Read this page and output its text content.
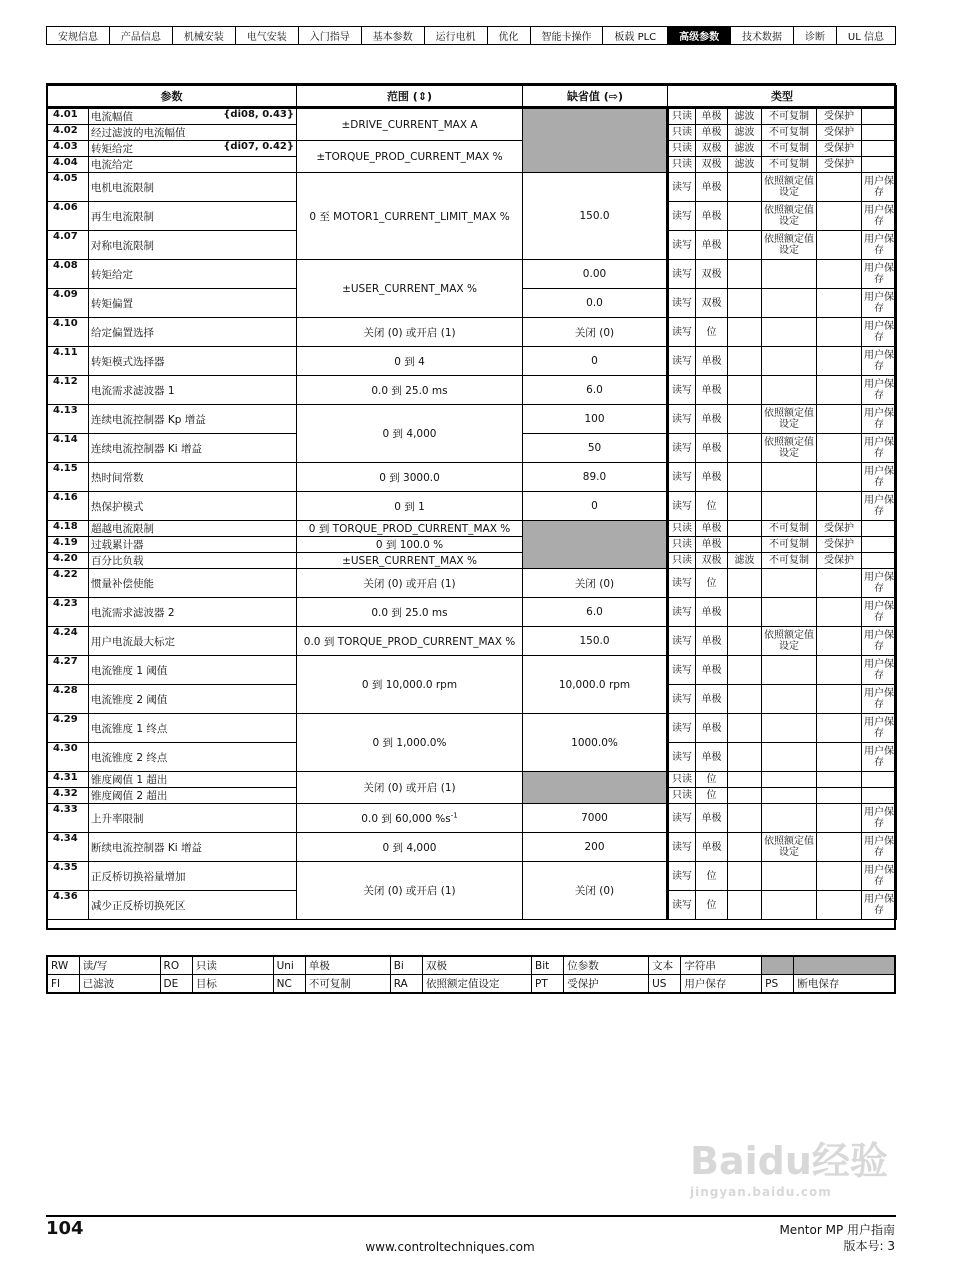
安规信息	产品信息	机械安装	电气安装	入门指导	基本参数	运行电机	优化	智能卡操作	板载 PLC	高级参数	技术数据	诊断	UL 信息
参数		范围 (⇕)	缺省值 (⇨)	类型					
4.01	电流幅值 {di08, 0.43}	±DRIVE_CURRENT_MAX A		只读	单极	滤波	不可复制	受保护	
4.02	经过滤波的电流幅值			只读	单极	滤波	不可复制	受保护	
4.03	转矩给定 {di07, 0.42}	±TORQUE_PROD_CURRENT_MAX %		只读	双极	滤波	不可复制	受保护	
4.04	电流给定			只读	双极	滤波	不可复制	受保护	
4.05	电机电流限制	0 至 MOTOR1_CURRENT_LIMIT_MAX %	150.0	读写	单极		依照额定值设定		用户保存
4.06	再生电流限制			读写	单极		依照额定值设定		用户保存
4.07	对称电流限制			读写	单极		依照额定值设定		用户保存
4.08	转矩给定	±USER_CURRENT_MAX %	0.00	读写	双极				用户保存
4.09	转矩偏置		0.0	读写	双极				用户保存
4.10	给定偏置选择	关闭 (0) 或开启 (1)	关闭 (0)	读写	位				用户保存
4.11	转矩模式选择器	0 到 4	0	读写	单极				用户保存
4.12	电流需求滤波器 1	0.0 到 25.0 ms	6.0	读写	单极				用户保存
4.13	连续电流控制器 Kp 增益	0 到 4,000	100	读写	单极		依照额定值设定		用户保存
4.14	连续电流控制器 Ki 增益		50	读写	单极		依照额定值设定		用户保存
4.15	热时间常数	0 到 3000.0	89.0	读写	单极				用户保存
4.16	热保护模式	0 到 1	0	读写	位				用户保存
4.18	超越电流限制	0 到 TORQUE_PROD_CURRENT_MAX %		只读	单极		不可复制	受保护	
4.19	过载累计器	0 到 100.0 %		只读	单极		不可复制	受保护	
4.20	百分比负载	±USER_CURRENT_MAX %		只读	双极	滤波	不可复制	受保护	
4.22	惯量补偿使能	关闭 (0) 或开启 (1)	关闭 (0)	读写	位				用户保存
4.23	电流需求滤波器 2	0.0 到 25.0 ms	6.0	读写	单极				用户保存
4.24	用户电流最大标定	0.0 到 TORQUE_PROD_CURRENT_MAX %	150.0	读写	单极		依照额定值设定		用户保存
4.27	电流锥度 1 阈值	0 到 10,000.0 rpm	10,000.0 rpm	读写	单极				用户保存
4.28	电流锥度 2 阈值			读写	单极				用户保存
4.29	电流锥度 1 终点	0 到 1,000.0%	1000.0%	读写	单极				用户保存
4.30	电流锥度 2 终点			读写	单极				用户保存
4.31	锥度阈值 1 超出	关闭 (0) 或开启 (1)		只读	位				
4.32	锥度阈值 2 超出			只读	位				
4.33	上升率限制	0.0 到 60,000 $\%s^{-1}$	7000	读写	单极				用户保存
4.34	断续电流控制器 Ki 增益	0 到 4,000	200	读写	单极		依照额定值设定		用户保存
4.35	正反桥切换裕量增加	关闭 (0) 或开启 (1)	关闭 (0)	读写	位				用户保存
4.36	减少正反桥切换死区			读写	位				用户保存
RW	读/写	RO	只读	Uni	单极	Bi	双极	Bit	位参数	文本	字符串		
FI	已滤波	DE	目标	NC	不可复制	RA	依照额定值设定	PT	受保护	US	用户保存	PS	断电保存
Baidu经验
jingyan.baidu.com
104
www.controltechniques.com
Mentor MP 用户指南
版本号: 3
